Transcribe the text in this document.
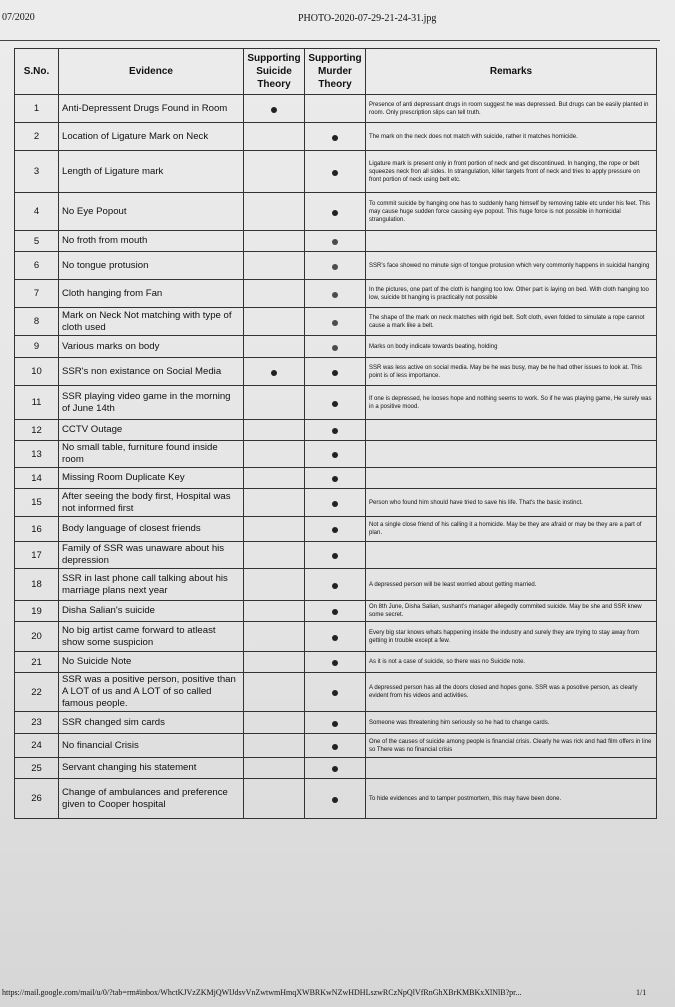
07/2020	PHOTO-2020-07-29-21-24-31.jpg
S.No.	Evidence	Supporting Suicide Theory	Supporting Murder Theory	Remarks
1	Anti-Depressent Drugs Found in Room			Presence of anti depressant drugs in room suggest he was depressed. But drugs can be easily planted in room. Only prescription slips can tell truth.
2	Location of Ligature Mark on Neck			The mark on the neck does not match with suicide, rather it matches homicide.
3	Length of Ligature mark			Ligature mark is present only in front portion of neck and get discontinued. In hanging, the rope or belt squeezes neck fron all sides. In strangulation, killer targets front of neck and tries to apply pressure on front portion of neck using belt etc.
4	No Eye Popout			To commit suicide by hanging one has to suddenly hang himself by removing table etc under his feet. This may cause huge sudden force causing eye popout. This huge force is not possible in homicidal strangulation.
5	No froth from mouth			
6	No tongue protusion			SSR's face showed no minute sign of tongue protusion which very commonly happens in suicidal hanging
7	Cloth hanging from Fan			In the pictures, one part of the cloth is hanging too low. Other part is laying on bed. With cloth hanging too low, suicide bt hanging is practically not possible
8	Mark on Neck Not matching with type of cloth used			The shape of the mark on neck matches with rigid belt. Soft cloth, even folded to simulate a rope cannot cause a mark like a belt.
9	Various marks on body			Marks on body indicate towards beating, holding
10	SSR's non existance on Social Media			SSR was less active on social media. May be he was busy, may be he had other issues to look at. This point is of less importance.
11	SSR playing video game in the morning of June 14th			If one is depressed, he looses hope and nothing seems to work. So if he was playing game, He surely was in a positive mood.
12	CCTV Outage			
13	No small table, furniture found inside room			
14	Missing Room Duplicate Key			
15	After seeing the body first, Hospital was not informed first			Person who found him should have tried to save his life. That's the basic instinct.
16	Body language of closest friends			Not a single close friend of his calling it a homicide. May be they are afraid or may be they are a part of plan.
17	Family of SSR was unaware about his depression			
18	SSR in last phone call talking about his marriage plans next year			A depressed person will be least worried about getting married.
19	Disha Salian's suicide			On 8th June, Disha Salian, sushant's manager allegedly commited suicide. May be she and SSR knew some secret.
20	No big artist came forward to atleast show some suspicion			Every big star knows whats happening inside the industry and surely they are trying to stay away from getting in trouble except a few.
21	No Suicide Note			As it is not a case of suicide, so there was no Suicide note.
22	SSR was a positive person, positive than A LOT of us and A LOT of so called famous people.			A depressed person has all the doors closed and hopes gone. SSR was a posotive person, as clearly evident from his videos and activities.
23	SSR changed sim cards			Someone was threatening him seriously so he had to change cards.
24	No financial Crisis			One of the causes of suicide among people is financial crisis. Clearly he was rick and had film offers in line so There was no financial crisis
25	Servant changing his statement			
26	Change of ambulances and preference given to Cooper hospital			To hide evidences and to tamper postmortem, this may have been done.
https://mail.google.com/mail/u/0/?tab=rm#inbox/WhctKJVzZKMjQWlJdsvVnZwtwmHmqXWBRKwNZwHDHLszwRCzNpQlVfRnGhXBrKMBKxXlNlB?pr...	1/1
